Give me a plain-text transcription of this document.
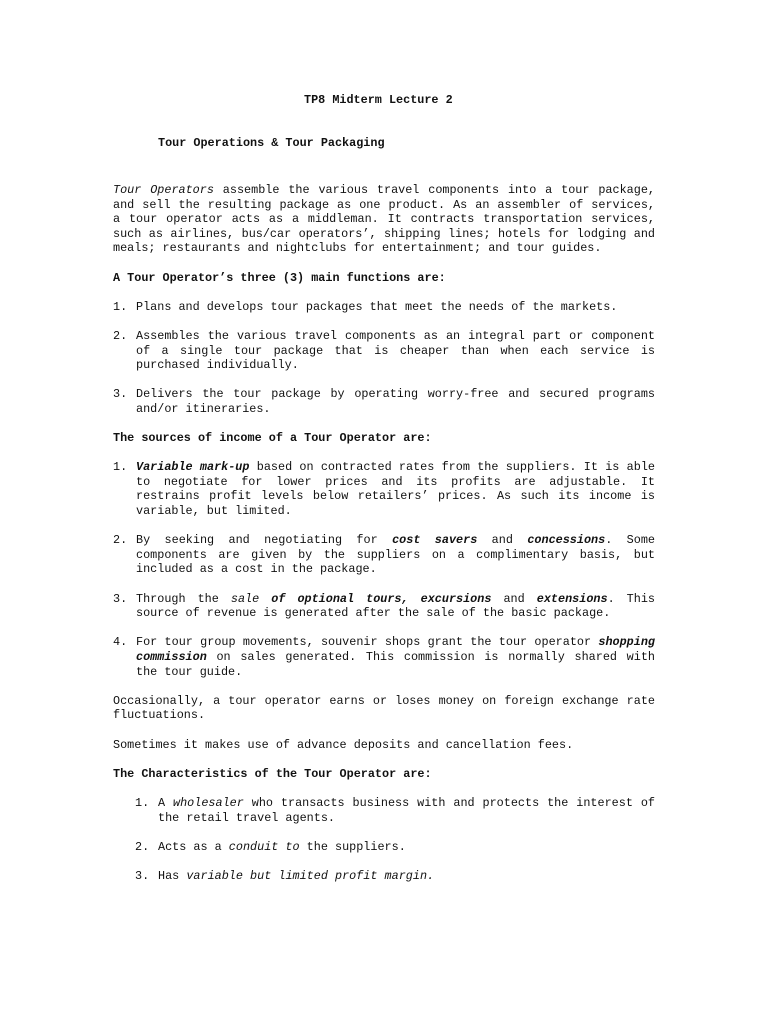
TP8 Midterm Lecture 2
Tour Operations & Tour Packaging

Tour Operators assemble the various travel components into a tour package, and sell the resulting package as one product. As an assembler of services, a tour operator acts as a middleman. It contracts transportation services, such as airlines, bus/car operators’, shipping lines; hotels for lodging and meals; restaurants and nightclubs for entertainment; and tour guides.

A Tour Operator’s three (3) main functions are:
1. Plans and develops tour packages that meet the needs of the markets.
2. Assembles the various travel components as an integral part or component of a single tour package that is cheaper than when each service is purchased individually.
3. Delivers the tour package by operating worry-free and secured programs and/or itineraries.
The sources of income of a Tour Operator are:
1. Variable mark-up based on contracted rates from the suppliers. It is able to negotiate for lower prices and its profits are adjustable. It restrains profit levels below retailers’ prices. As such its income is variable, but limited.
2. By seeking and negotiating for cost savers and concessions. Some components are given by the suppliers on a complimentary basis, but included as a cost in the package.
3. Through the sale of optional tours, excursions and extensions. This source of revenue is generated after the sale of the basic package.
4. For tour group movements, souvenir shops grant the tour operator shopping commission on sales generated. This commission is normally shared with the tour guide.

Occasionally, a tour operator earns or loses money on foreign exchange rate fluctuations.

Sometimes it makes use of advance deposits and cancellation fees.

The Characteristics of the Tour Operator are:
1. A wholesaler who transacts business with and protects the interest of the retail travel agents.
2. Acts as a conduit to the suppliers.
3. Has variable but limited profit margin.
